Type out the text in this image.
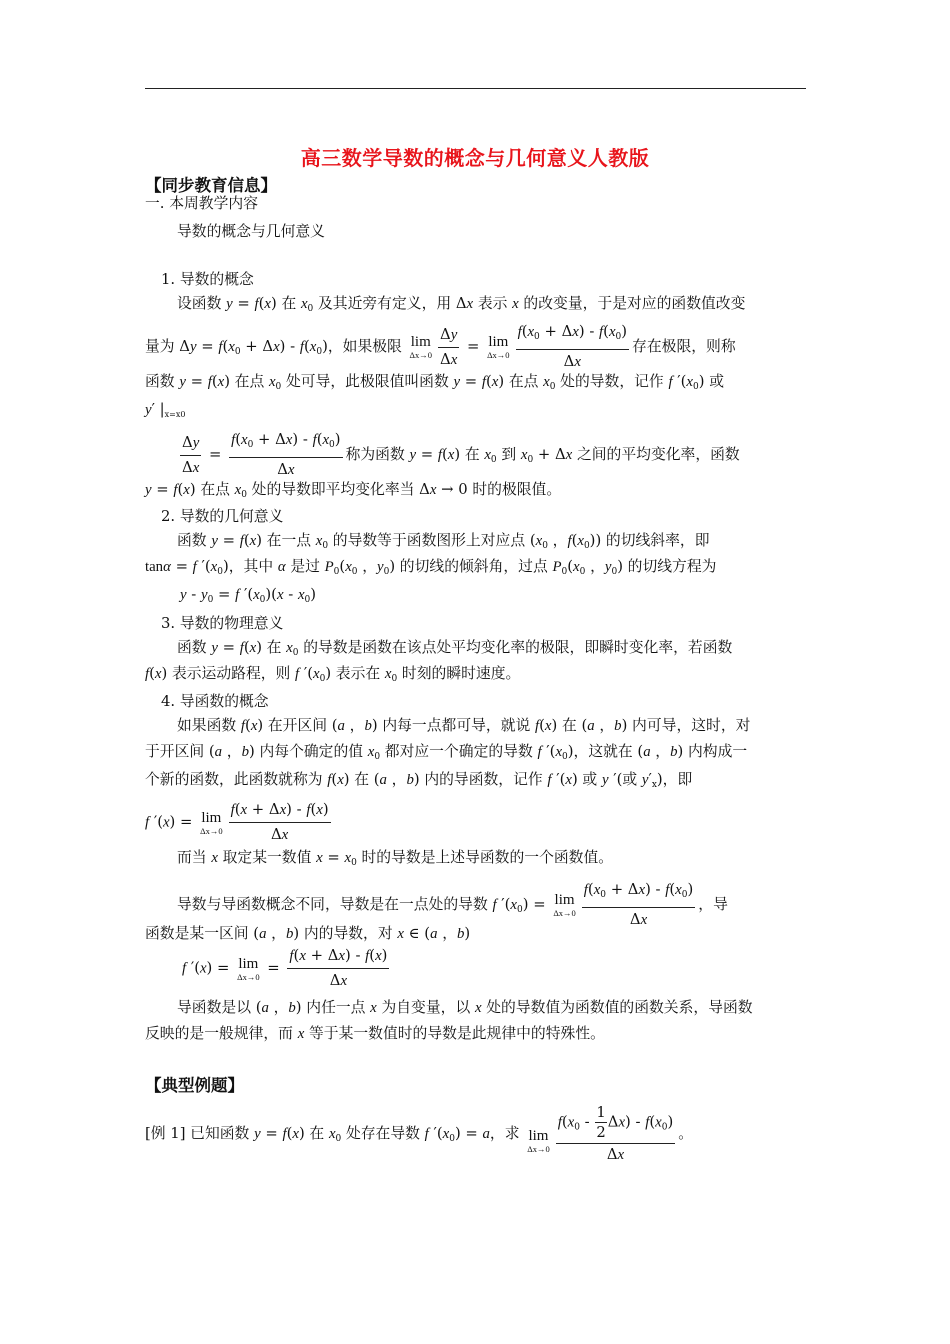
高三数学导数的概念与几何意义人教版
【同步教育信息】
一. 本周教学内容
导数的概念与几何意义
1. 导数的概念
设函数 y = f(x) 在 $x_0$ 及其近旁有定义，用 Δx 表示 x 的改变量，于是对应的函数值改变
量为 $\Delta y = f(x_0 + \Delta x) - f(x_0)$，如果极限 lim
$\Delta x\to 0 \frac{\Delta y}{\Delta x} = \lim$
$\Delta x\to 0 \frac{f(x_0 + \Delta x) - f(x_0)}{\Delta x}$ 存在极限，则称
函数 y = f(x) 在点 $x_0$ 处可导，此极限值叫函数 y = f(x) 在点 $x_0$ 处的导数，记作 f $'(x_0)$ 或
y′ $|_{x=x0}$
$\frac{\Delta y}{\Delta x} = \frac{f(x_0 + \Delta x) - f(x_0)}{\Delta x}$ 称为函数 y = f(x) 在 $x_0$ 到 $x_0 + \Delta x$ 之间的平均变化率，函数
y = f(x) 在点 $x_0$ 处的导数即平均变化率当 Δx → 0 时的极限值。
2. 导数的几何意义
函数 y = f(x) 在一点 $x_0$ 的导数等于函数图形上对应点 ($x_0$ ，$f(x_0)$) 的切线斜率，即
tanα = f $'(x_0)$，其中 α 是过 $P_0(x_0$ ，$y_0$) 的切线的倾斜角，过点 $P_0(x_0$ ，$y_0$) 的切线方程为
$y - y_0 = f$ $'(x_0)(x - x_0)$
3. 导数的物理意义
函数 y = f(x) 在 $x_0$ 的导数是函数在该点处平均变化率的极限，即瞬时变化率，若函数
f(x) 表示运动路程，则 f $'(x_0)$ 表示在 $x_0$ 时刻的瞬时速度。
4. 导函数的概念
如果函数 f(x) 在开区间 (a ，b) 内每一点都可导，就说 f(x) 在 (a ，b) 内可导，这时，对
于开区间 (a ，b) 内每个确定的值 $x_0$ 都对应一个确定的导数 f $'(x_0)$，这就在 (a ，b) 内构成一
个新的函数，此函数就称为 f(x) 在 (a ，b) 内的导函数，记作 f ′(x) 或 y ′(或 $y'_x$)，即
f ′(x) = lim
$\Delta x\to 0 \frac{f(x + \Delta x) - f(x)}{\Delta x}$
而当 x 取定某一数值 $x = x_0$ 时的导数是上述导函数的一个函数值。
导数与导函数概念不同，导数是在一点处的导数 f $'(x_0) = \lim$
$\Delta x\to 0 \frac{f(x_0 + \Delta x) - f(x_0)}{\Delta x}$ ，导
函数是某一区间 (a ，b) 内的导数，对 x ∈ (a ，b)
f ′(x) = lim
$\Delta x\to 0 = \frac{f(x + \Delta x) - f(x)}{\Delta x}$
导函数是以 (a ，b) 内任一点 x 为自变量，以 x 处的导数值为函数值的函数关系，导函数
反映的是一般规律，而 x 等于某一数值时的导数是此规律中的特殊性。
【典型例题】
[例 1] 已知函数 y = f(x) 在 $x_0$ 处存在导数 f $'(x_0) = a$，求 lim
$\Delta x\to 0 \frac{f(x_0 - \frac{1}{2} \Delta x) - f(x_0)}{\Delta x}$ 。
